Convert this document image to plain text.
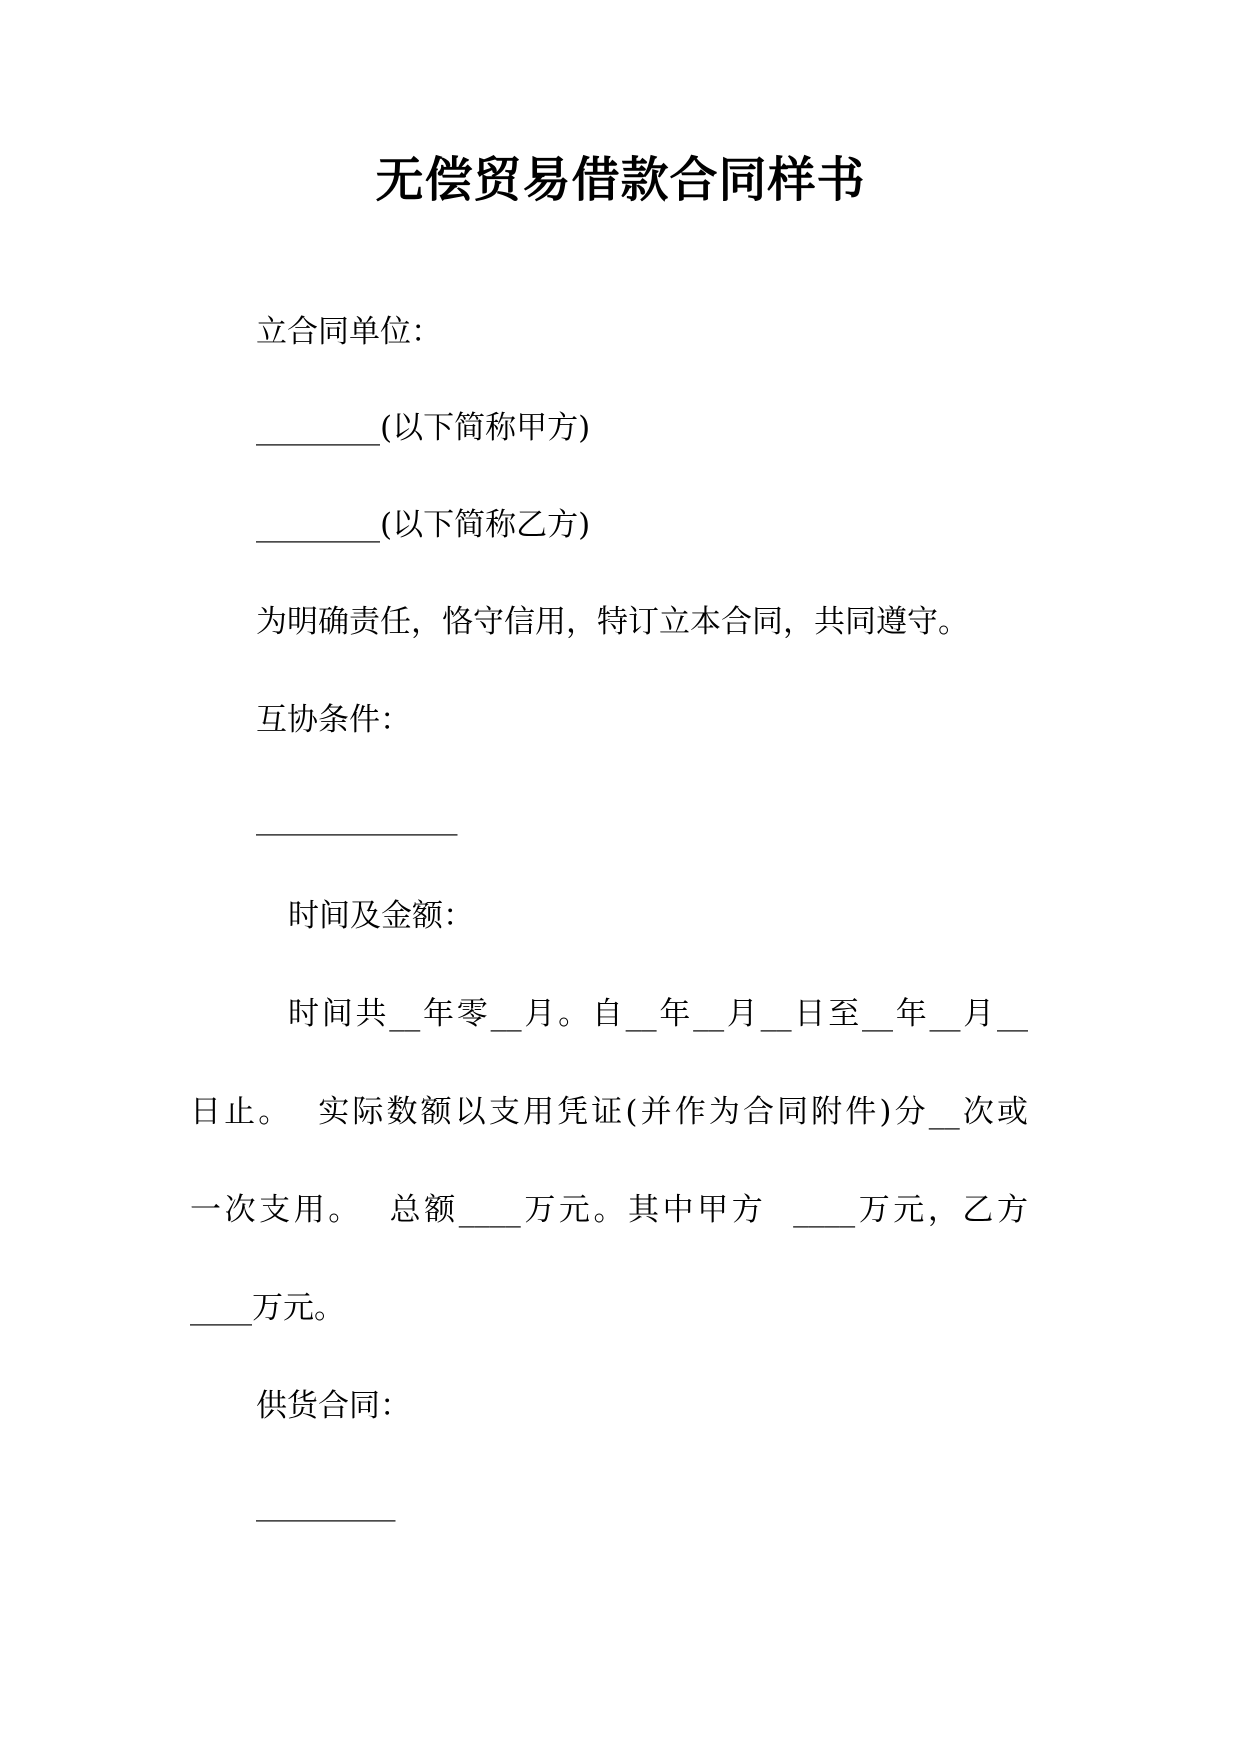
无偿贸易借款合同样书
立合同单位：
________(以下简称甲方)
________(以下简称乙方)
为明确责任，恪守信用，特订立本合同，共同遵守。
互协条件：
_____________
时间及金额：
时间共__年零__月。自__年__月__日至__年__月__
日止。  实际数额以支用凭证(并作为合同附件)分__次或
一次支用。  总额____万元。其中甲方  ____万元，乙方
____万元。
供货合同：
_________
